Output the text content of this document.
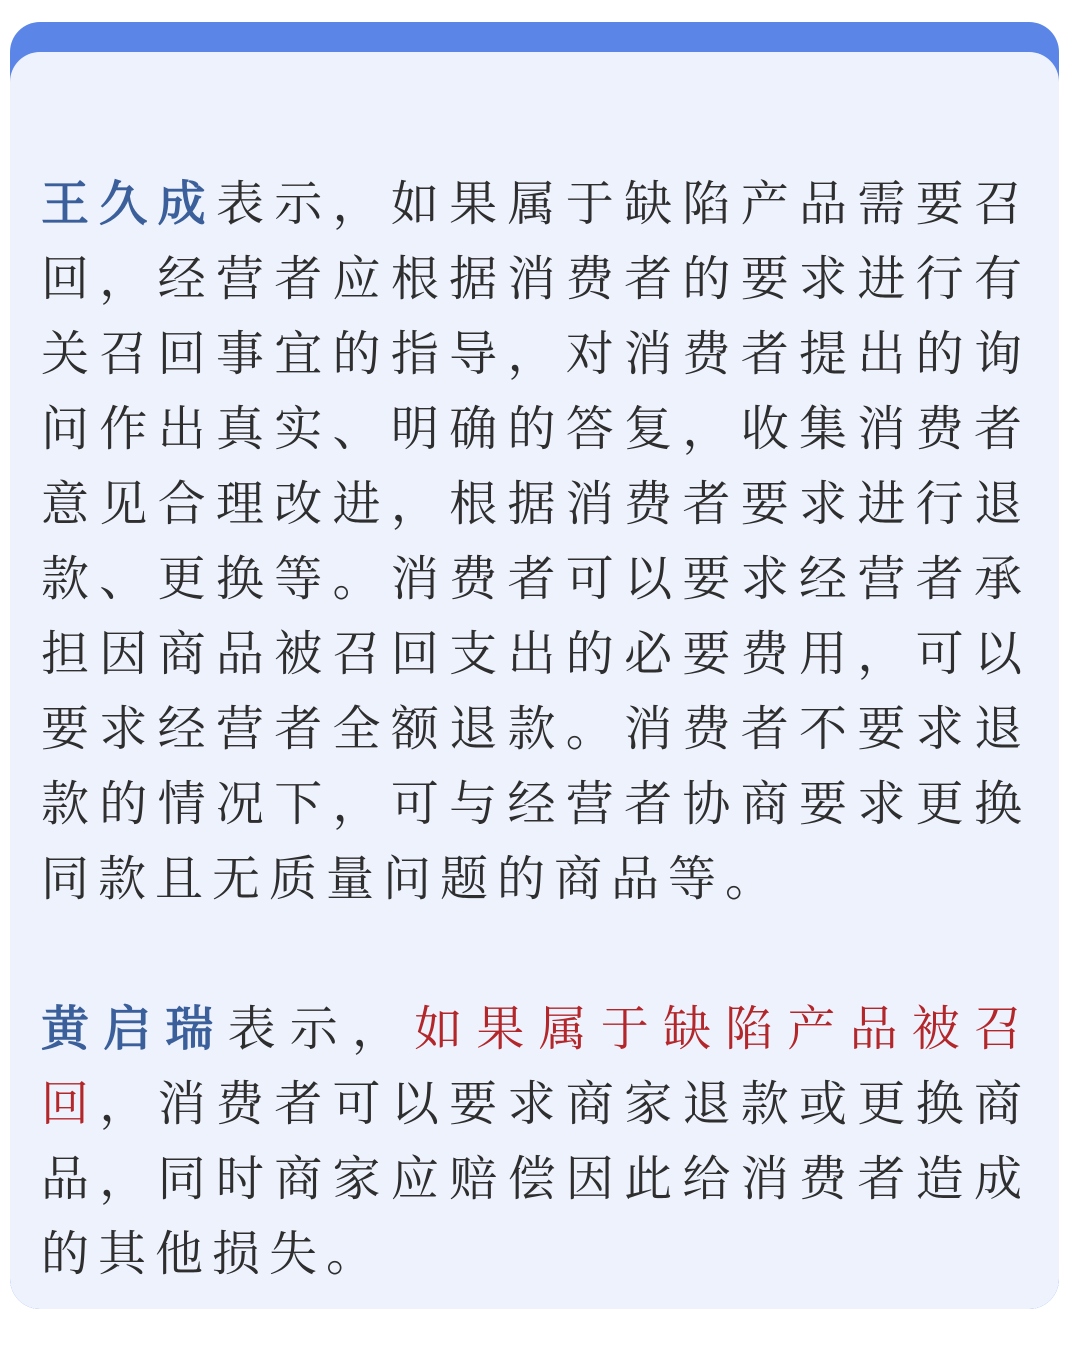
王久成表示，如果属于缺陷产品需要召回，经营者应根据消费者的要求进行有关召回事宜的指导，对消费者提出的询问作出真实、明确的答复，收集消费者意见合理改进，根据消费者要求进行退款、更换等。消费者可以要求经营者承担因商品被召回支出的必要费用，可以要求经营者全额退款。消费者不要求退款的情况下，可与经营者协商要求更换同款且无质量问题的商品等。

黄启瑞表示，如果属于缺陷产品被召回，消费者可以要求商家退款或更换商品，同时商家应赔偿因此给消费者造成的其他损失。
